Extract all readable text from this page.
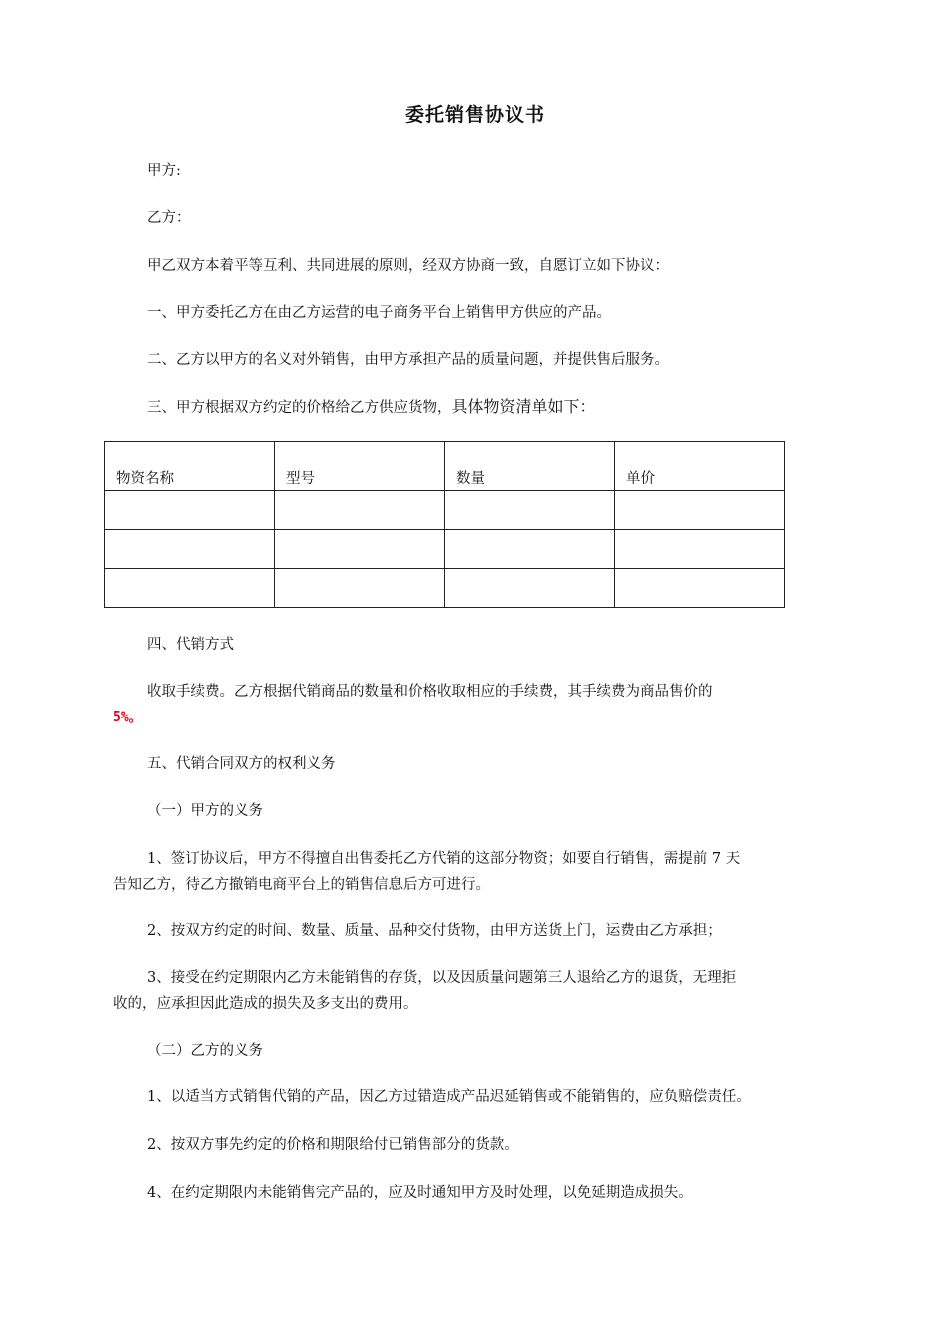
委托销售协议书
甲方:
乙方：
甲乙双方本着平等互利、共同进展的原则，经双方协商一致，自愿订立如下协议：
一、甲方委托乙方在由乙方运营的电子商务平台上销售甲方供应的产品。
二、乙方以甲方的名义对外销售，由甲方承担产品的质量问题，并提供售后服务。
三、甲方根据双方约定的价格给乙方供应货物，具体物资清单如下：
物资名称	型号	数量	单价

四、代销方式
收取手续费。乙方根据代销商品的数量和价格收取相应的手续费，其手续费为商品售价的
5%。
五、代销合同双方的权利义务
（一）甲方的义务
1、签订协议后，甲方不得擅自出售委托乙方代销的这部分物资；如要自行销售，需提前 7 天
告知乙方，待乙方撤销电商平台上的销售信息后方可进行。
2、按双方约定的时间、数量、质量、品种交付货物，由甲方送货上门，运费由乙方承担；
3、接受在约定期限内乙方未能销售的存货，以及因质量问题第三人退给乙方的退货，无理拒
收的，应承担因此造成的损失及多支出的费用。
（二）乙方的义务
1、以适当方式销售代销的产品，因乙方过错造成产品迟延销售或不能销售的，应负赔偿责任。
2、按双方事先约定的价格和期限给付已销售部分的货款。
4、在约定期限内未能销售完产品的，应及时通知甲方及时处理，以免延期造成损失。
